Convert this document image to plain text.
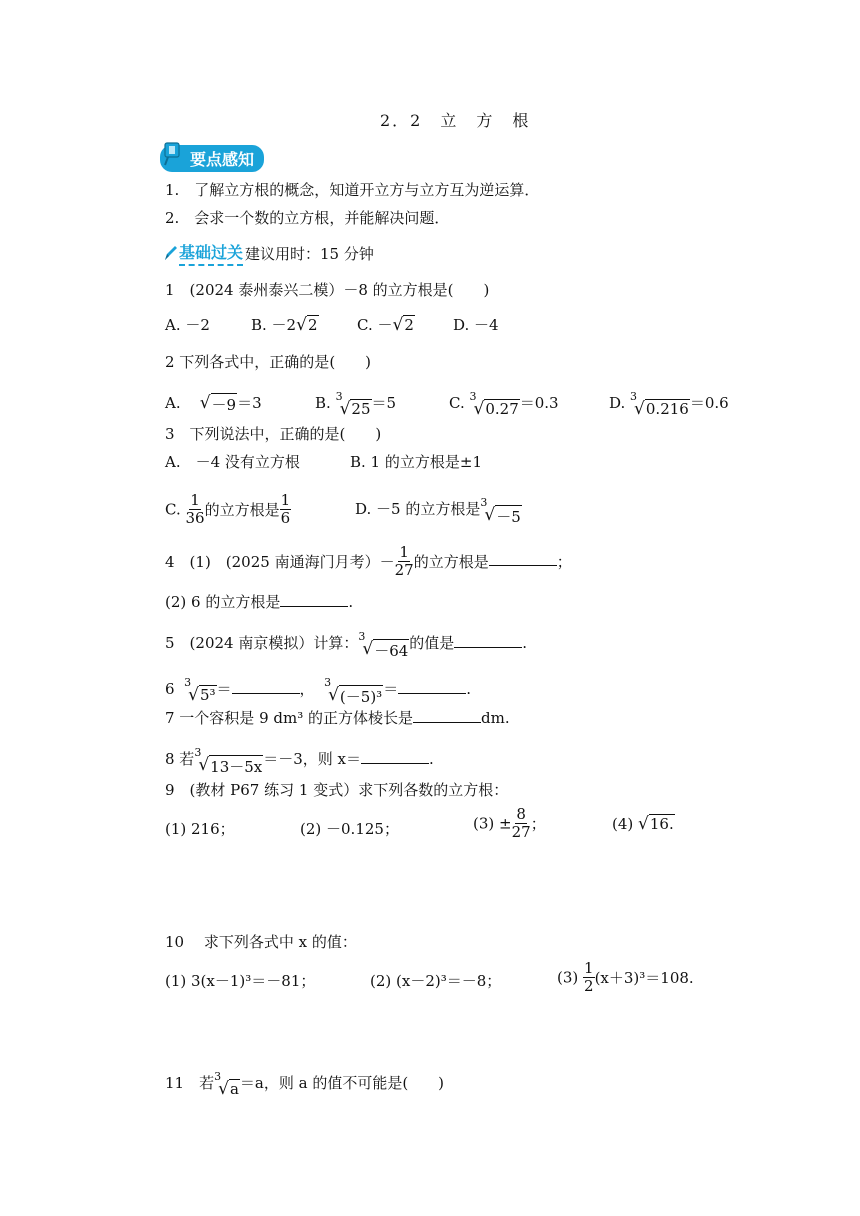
2．2　立　方　根
要点感知
1.　了解立方根的概念，知道开立方与立方互为逆运算．
2.　会求一个数的立方根，并能解决问题．
基础过关 建议用时：15 分钟
1　(2024 泰州泰兴二模）－8 的立方根是(　　)
A. －2	B. －2 √ 2	C. － √ 2	D. －4
2 下列各式中，正确的是(　　)
A. √ －9 ＝3	B. 3
√ 25 ＝5	C. 3
√ 0.27 ＝0.3	D. 3
√ 0.216 ＝0.6
3　下列说法中，正确的是(　　)
A.　－4 没有立方根	B. 1 的立方根是±1
C. $\frac{1}{36}$ 的立方根是 $\frac{1}{6}$	D. －5 的立方根是 3
√ －5
4　(1)　(2025 南通海门月考）－ $\frac{1}{27}$ 的立方根是	；
(2) 6 的立方根是	.
5　(2024 南京模拟）计算： 3
√ －64 的值是	.
6 3
√ 5³ ＝	， 3
√ (－5)³ ＝	.
7 一个容积是 9 dm³ 的正方体棱长是	dm.
8 若 3
√ 13－5x ＝－3，则 x＝	.
9　(教材 P67 练习 1 变式）求下列各数的立方根：
(1) 216；	(2) －0.125；	$(3) \pm \frac{8}{27}$ ；	(4) √ 16.
10　 求下列各式中 x 的值：
(1) 3(x－1)³＝－81；	(2) (x－2)³＝－8；	$(3) \frac{1}{2} (x+3)^3=108$.
11　若 3
√ a ＝a，则 a 的值不可能是(　　)
